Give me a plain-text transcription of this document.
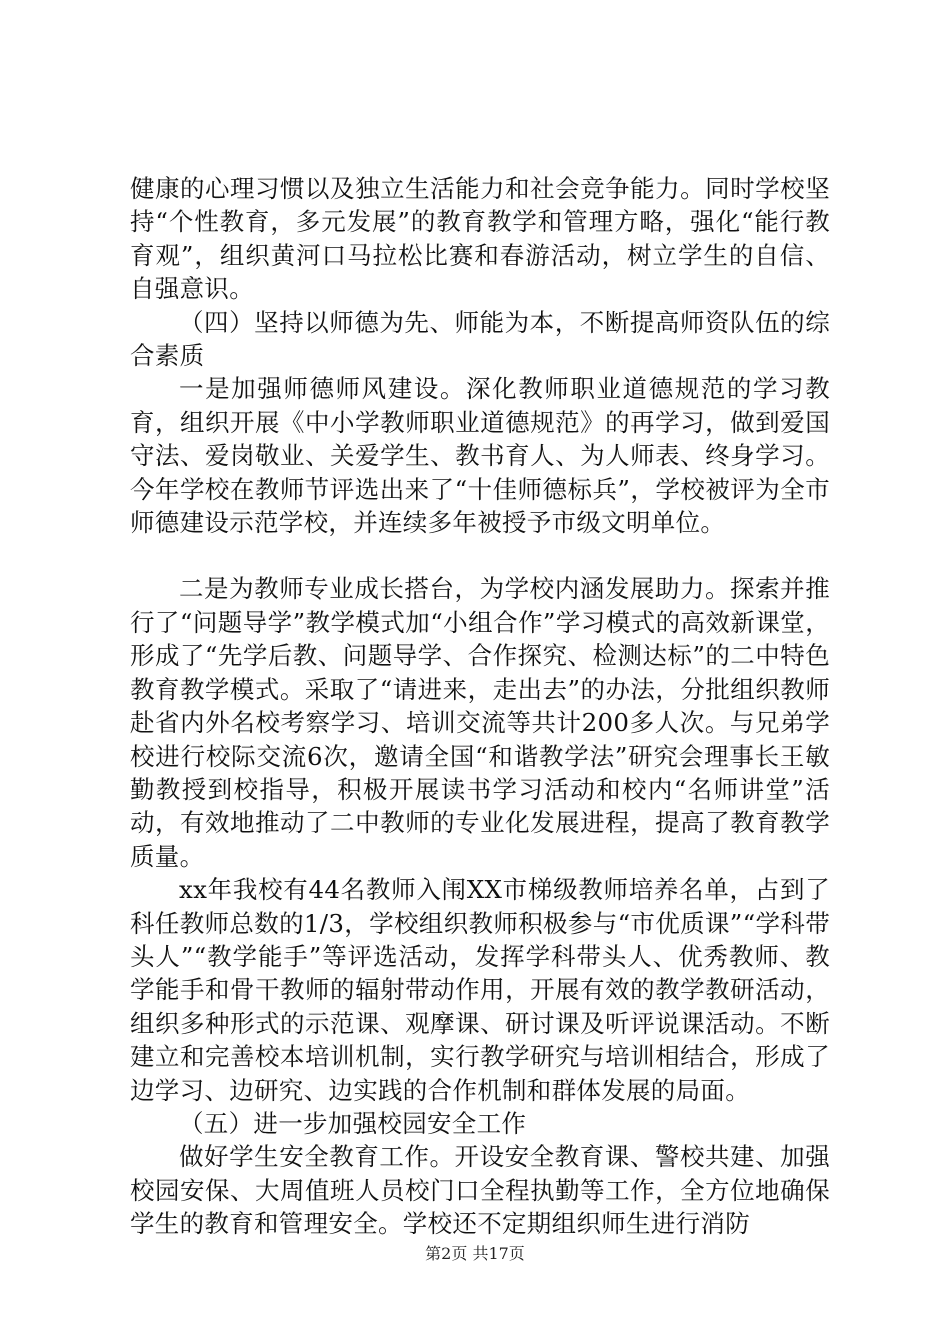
健康的心理习惯以及独立生活能力和社会竞争能力。同时学校坚持“个性教育，多元发展”的教育教学和管理方略，强化“能行教育观”，组织黄河口马拉松比赛和春游活动，树立学生的自信、自强意识。

（四）坚持以师德为先、师能为本，不断提高师资队伍的综合素质

一是加强师德师风建设。深化教师职业道德规范的学习教育，组织开展《中小学教师职业道德规范》的再学习，做到爱国守法、爱岗敬业、关爱学生、教书育人、为人师表、终身学习。今年学校在教师节评选出来了“十佳师德标兵”，学校被评为全市师德建设示范学校，并连续多年被授予市级文明单位。

二是为教师专业成长搭台，为学校内涵发展助力。探索并推行了“问题导学”教学模式加“小组合作”学习模式的高效新课堂，形成了“先学后教、问题导学、合作探究、检测达标”的二中特色教育教学模式。采取了“请进来，走出去”的办法，分批组织教师赴省内外名校考察学习、培训交流等共计200多人次。与兄弟学校进行校际交流6次，邀请全国“和谐教学法”研究会理事长王敏勤教授到校指导，积极开展读书学习活动和校内“名师讲堂”活动，有效地推动了二中教师的专业化发展进程，提高了教育教学质量。

xx年我校有44名教师入闱XX市梯级教师培养名单，占到了科任教师总数的1/3，学校组织教师积极参与“市优质课”“学科带头人”“教学能手”等评选活动，发挥学科带头人、优秀教师、教学能手和骨干教师的辐射带动作用，开展有效的教学教研活动，组织多种形式的示范课、观摩课、研讨课及听评说课活动。不断建立和完善校本培训机制，实行教学研究与培训相结合，形成了边学习、边研究、边实践的合作机制和群体发展的局面。

（五）进一步加强校园安全工作

做好学生安全教育工作。开设安全教育课、警校共建、加强校园安保、大周值班人员校门口全程执勤等工作，全方位地确保学生的教育和管理安全。学校还不定期组织师生进行消防

第2页 共17页
